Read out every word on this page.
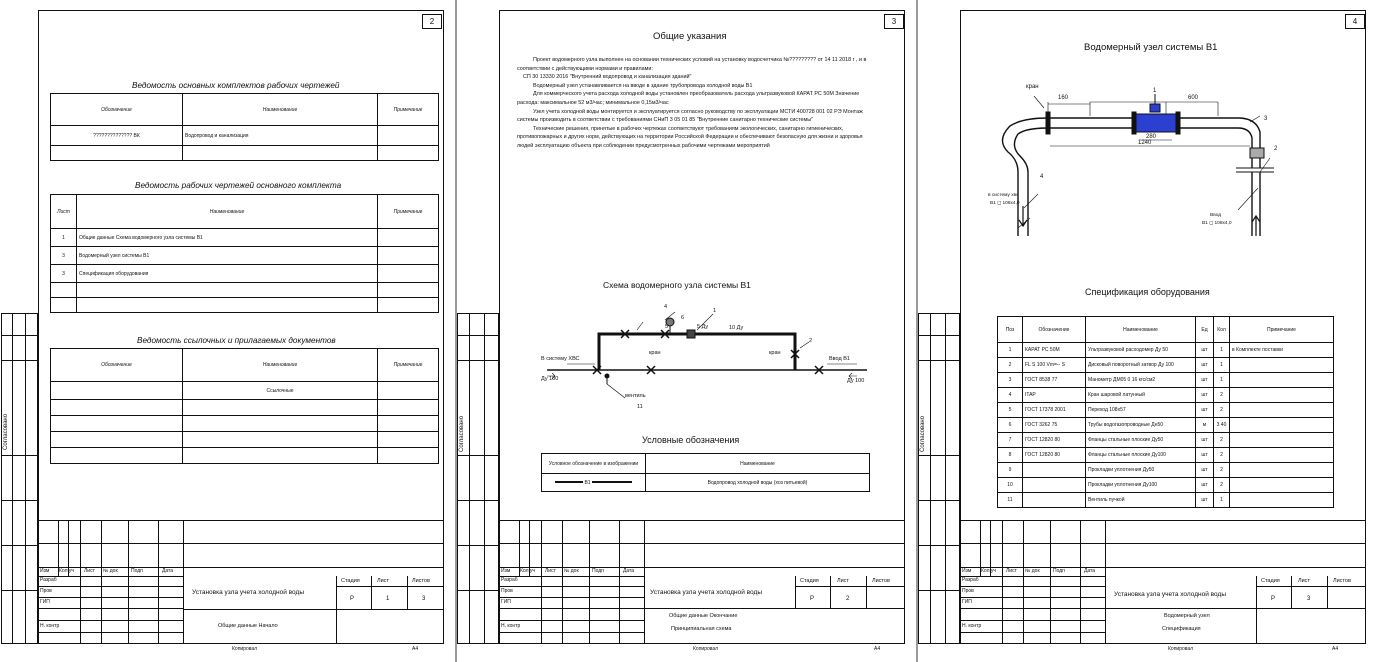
2
Ведомость основных комплектов рабочих чертежей
Обозначение	Наименование	Примечание
?????????????? ВК	Водопровод и канализация	

Ведомость рабочих чертежей основного комплекта
Лист	Наименование	Примечание
1	Общие данные Схема водомерного узла системы В1	
3	Водомерный узел системы В1	
3	Спецификация оборудования	

Ведомость ссылочных и прилагаемых документов
Обозначение	Наименование	Примечание
	Ссылочные	

Согласовано
Изм Кол уч Лист № док	Подп	Дата
Разраб
Пров
ГИП
Н. контр
Установка узла учета холодной воды
Общие данные Начало
Стадия	Лист	Листов
Р	1	3
Копировал	А4
3
Общие указания

Проект водомерного узла выполнен на основании технических условий на установку водосчетчика №????????? от 14 11 2018 г , и в соответствии с действующими нормами и правилами:

СП 30 13330 2016 "Внутренний водопровод и канализация зданий"

Водомерный узел устанавливается на вводе в здание трубопровода холодной воды В1

Для коммерческого учета расхода холодной воды установлен преобразователь расхода ультразвуковой КАРАТ РС 50М Значение расхода: максимальное 52 м3/час; минимальное 0,15м3/час

Узел учета холодной воды монтируется и эксплуатируется согласно руководству по эксплуатации МСТИ 400728 001 02 РЭ Монтаж системы производить в соответствии с требованиями СНиП 3 05 01 85 "Внутренние санитарно технические системы"

Технические решения, принятые в рабочих чертежах соответствуют требованиям экологических, санитарно гигиенических, противопожарных и других норм, действующих на территории Российской Федерации и обеспечивают безопасную для жизни и здоровья людей эксплуатацию объекта при соблюдении предусмотренных рабочими чертежами мероприятий

Схема водомерного узла системы В1
4
6
1
5
2
5 Ду	10 Ду
вентиль
11
В систему ХВС	Ввод В1
кран	кран
Ду 100	Ду 100
Условные обозначения
Условное обозначение в изображении	Наименование
В1	Водопровод холодной воды (хоз питьевой)
Согласовано
Изм Кол уч Лист № док	Подп	Дата
Разраб
Пров
ГИП
Н. контр
Установка узла учета холодной воды
Общие данные Окончание
Принципиальная схема
Стадия	Лист	Листов
Р	2
Копировал	А4
4
Водомерный узел системы В1
160	600
280
1240
1
2
3
4
кран
в систему хвс
В1 ◻ 108х4,0
Ввод
В1 ◻ 108х4,0
Спецификация оборудования
Поз	Обозначение	Наименование	Ед	Кол	Примечание
1	КАРАТ РС 50М	Ультразвуковой расходомер Ду 50	шт	1	в Комплекте поставки
2	FL S 100 Vm=-- S	Дисковый поворотный затвор Ду 100	шт	1	
3	ГОСТ 8538 77	Манометр ДМ05 0 16 кгс/см2	шт	1	
4	ITAP	Кран шаровой латунный	шт	2	
5	ГОСТ 17378 2001	Переход 108х57	шт	2	
6	ГОСТ 3262 75	Трубы водогазопроводные Дн50	м	3 40	
7	ГОСТ 12820 80	Фланцы стальные плоские Ду50	шт	2	
8	ГОСТ 12820 80	Фланцы стальные плоские Ду100	шт	2	
9		Прокладки уплотнения Ду50	шт	2	
10		Прокладки уплотнения Ду100	шт	2	
11		Вентиль пучкой	шт	1	
Согласовано
Изм Кол уч Лист № док	Подп	Дата
Разраб
Пров
ГИП
Н. контр
Установка узла учета холодной воды
Водомерный узел
Спецификация
Стадия	Лист	Листов
Р	3
Копировал	А4
